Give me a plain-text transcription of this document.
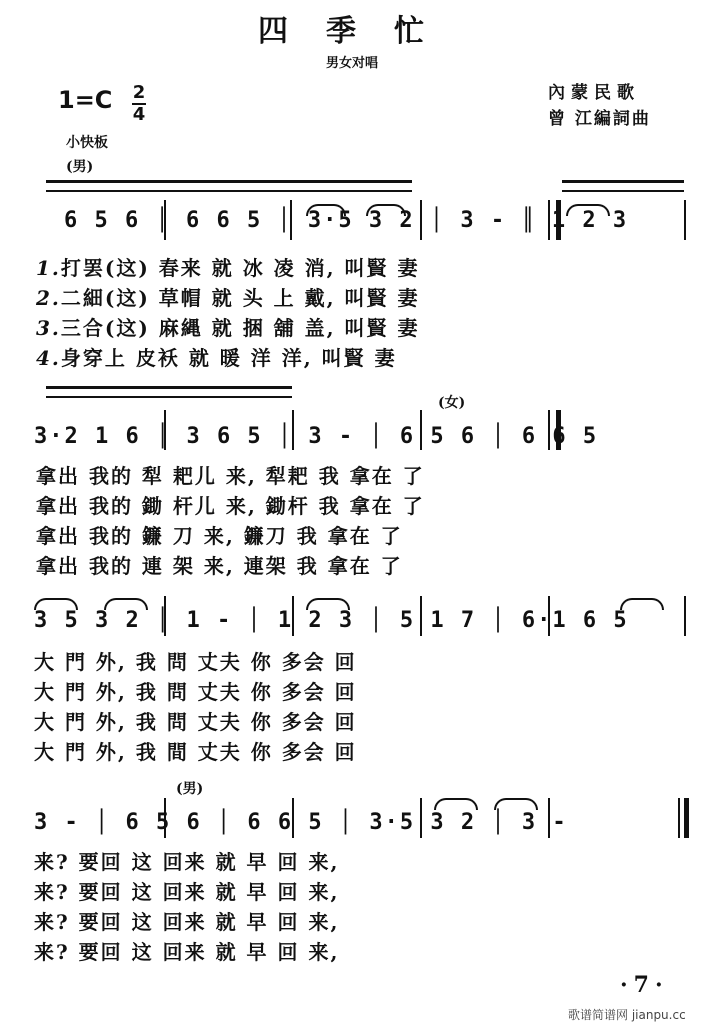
四季忙
男女对唱
1=C 2
4
內蒙民歌
曾 江編詞曲
小快板
(男)
6 5 6 │ 6 6 5 │ 3·5 3 2 │ 3 - ║ 1 2 3
1.打罢(这) 春来 就 冰 凌 消, 叫賢 妻
2.二細(这) 草帽 就 头 上 戴, 叫賢 妻
3.三合(这) 麻縄 就 捆 舖 盖, 叫賢 妻
4.身穿上 皮袄 就 暖 洋 洋, 叫賢 妻
(女)
3·2 1 6 │ 3 6 5 │ 3 - │ 6 5 6 │ 6 6 5
拿出 我的 犁 耙儿 来, 犁耙 我 拿在 了
拿出 我的 鋤 杆儿 来, 鋤杆 我 拿在 了
拿出 我的 鐮 刀 来, 鐮刀 我 拿在 了
拿出 我的 連 架 来, 連架 我 拿在 了
3 5 3 2 │ 1 - │ 1 2 3 │ 5 1 7 │ 6·1 6 5
大 門 外, 我 問 丈夫 你 多会 回
大 門 外, 我 問 丈夫 你 多会 回
大 門 外, 我 問 丈夫 你 多会 回
大 門 外, 我 間 丈夫 你 多会 回
(男)
3 - │ 6 5 6 │ 6 6 5 │ 3·5 3 2 │ 3 -
来? 要回 这 回来 就 早 回 来,
来? 要回 这 回来 就 早 回 来,
来? 要回 这 回来 就 早 回 来,
来? 要回 这 回来 就 早 回 来,
·7·
歌谱简谱网 jianpu.cc
